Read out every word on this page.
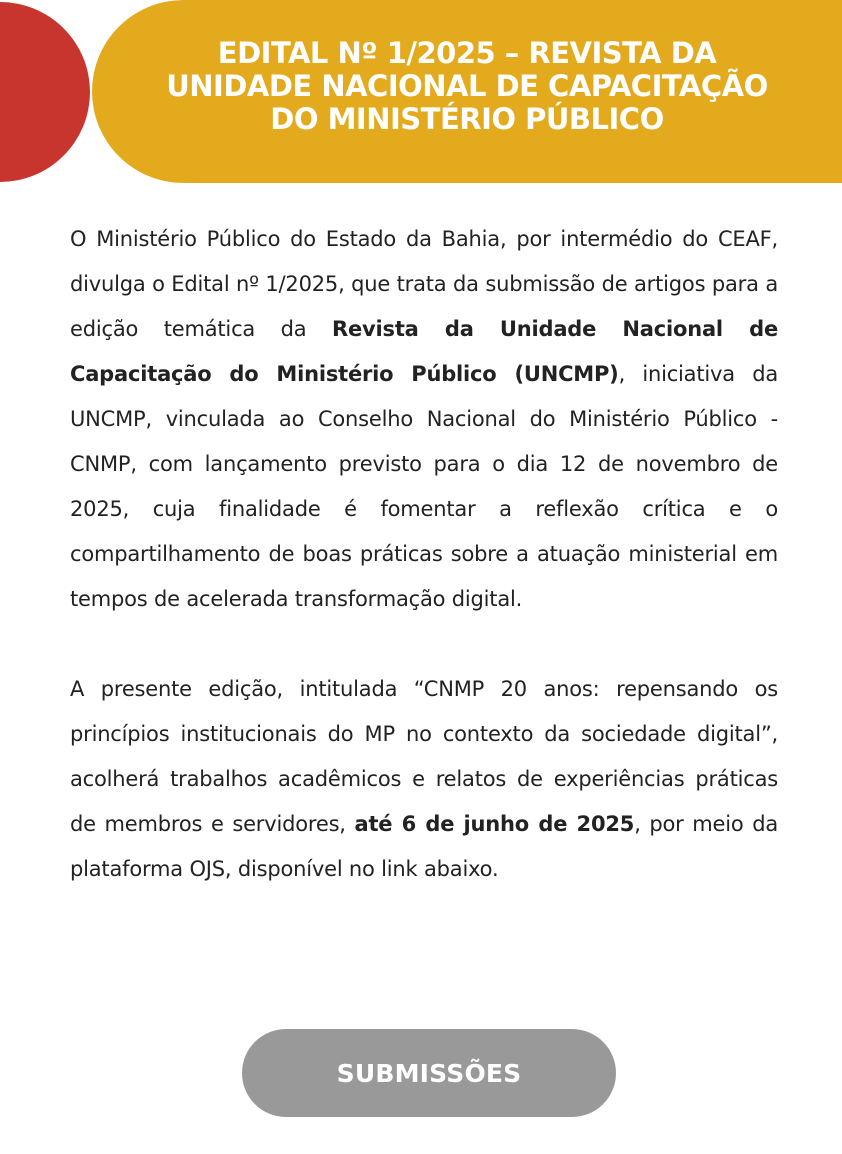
EDITAL Nº 1/2025 – REVISTA DA
UNIDADE NACIONAL DE CAPACITAÇÃO
DO MINISTÉRIO PÚBLICO

O Ministério Público do Estado da Bahia, por intermédio do CEAF, divulga o Edital nº 1/2025, que trata da submissão de artigos para a edição temática da Revista da Unidade Nacional de Capacitação do Ministério Público (UNCMP), iniciativa da UNCMP, vinculada ao Conselho Nacional do Ministério Público - CNMP, com lançamento previsto para o dia 12 de novembro de 2025, cuja finalidade é fomentar a reflexão crítica e o compartilhamento de boas práticas sobre a atuação ministerial em tempos de acelerada transformação digital.

A presente edição, intitulada “CNMP 20 anos: repensando os princípios institucionais do MP no contexto da sociedade digital”, acolherá trabalhos acadêmicos e relatos de experiências práticas de membros e servidores, até 6 de junho de 2025, por meio da plataforma OJS, disponível no link abaixo.

SUBMISSÕES
